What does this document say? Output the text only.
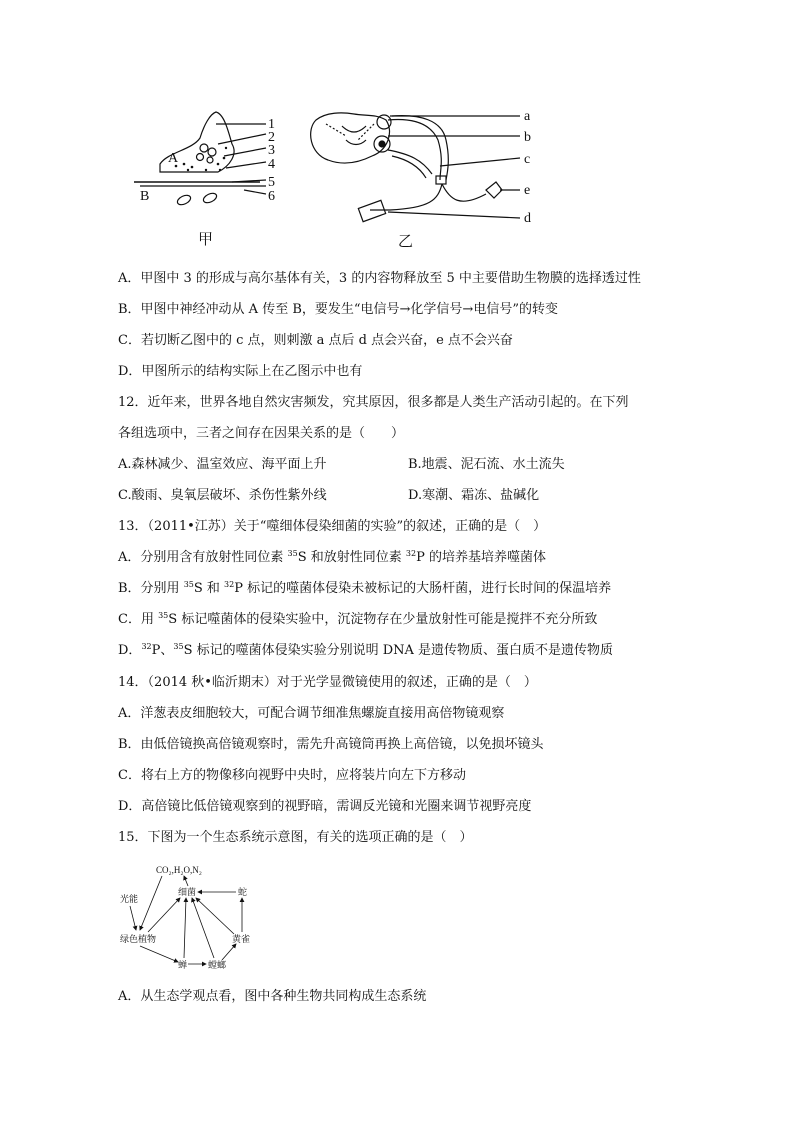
1
2
3
4
5
6
A
B
甲
a
b
c
e
d
乙
A．甲图中 3 的形成与高尔基体有关，3 的内容物释放至 5 中主要借助生物膜的选择透过性
B．甲图中神经冲动从 A 传至 B，要发生“电信号→化学信号→电信号”的转变
C．若切断乙图中的 c 点，则刺激 a 点后 d 点会兴奋，e 点不会兴奋
D．甲图所示的结构实际上在乙图示中也有
12．近年来，世界各地自然灾害频发，究其原因，很多都是人类生产活动引起的。在下列
各组选项中，三者之间存在因果关系的是（　　）
A.森林减少、温室效应、海平面上升	B.地震、泥石流、水土流失
C.酸雨、臭氧层破坏、杀伤性紫外线	D.寒潮、霜冻、盐碱化
13．（2011•江苏）关于“噬细体侵染细菌的实验”的叙述，正确的是（　）
A．分别用含有放射性同位素 $^{35}$S 和放射性同位素 $^{32}$P 的培养基培养噬菌体
B．分别用 $^{35}$S 和 $^{32}$P 标记的噬菌体侵染未被标记的大肠杆菌，进行长时间的保温培养
C．用 $^{35}$S 标记噬菌体的侵染实验中，沉淀物存在少量放射性可能是搅拌不充分所致
D．$^{32}$P、$^{35}$S 标记的噬菌体侵染实验分别说明 DNA 是遗传物质、蛋白质不是遗传物质
14．（2014 秋•临沂期末）对于光学显微镜使用的叙述，正确的是（　）
A．洋葱表皮细胞较大，可配合调节细准焦螺旋直接用高倍物镜观察
B．由低倍镜换高倍镜观察时，需先升高镜筒再换上高倍镜，以免损坏镜头
C．将右上方的物像移向视野中央时，应将装片向左下方移动
D．高倍镜比低倍镜观察到的视野暗，需调反光镜和光圈来调节视野亮度
15．下图为一个生态系统示意图，有关的选项正确的是（　）
CO₂,H₂O,N₂
细菌	蛇
光能
绿色植物	黄雀
蝉 螳螂
A．从生态学观点看，图中各种生物共同构成生态系统
